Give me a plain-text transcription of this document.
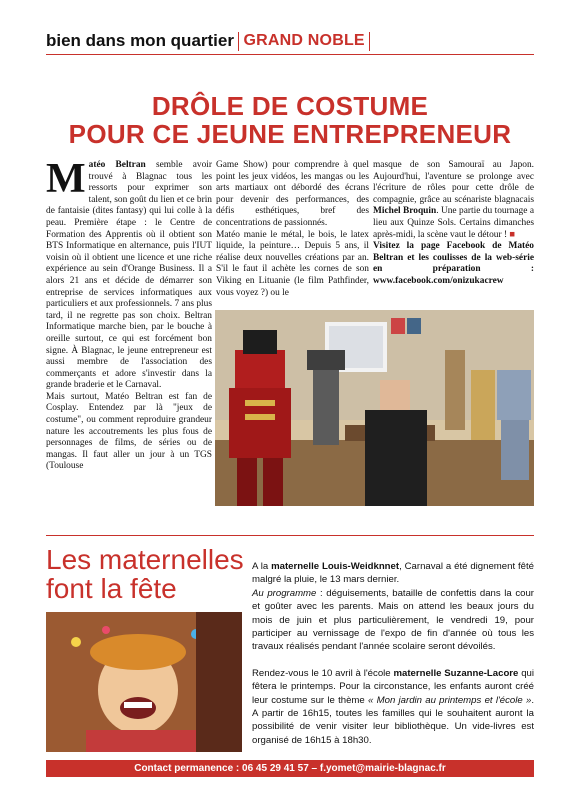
bien dans mon quartier GRAND NOBLE
DRÔLE DE COSTUME
POUR CE JEUNE ENTREPRENEUR

Matéo Beltran semble avoir trouvé à Blagnac tous les ressorts pour exprimer son talent, son goût du lien et ce brin de fantaisie (dites fantasy) qui lui colle à la peau. Première étape : le Centre de Formation des Apprentis où il obtient son BTS Informatique en alternance, puis l'IUT voisin où il obtient une licence et une riche expérience au sein d'Orange Business. Il a alors 21 ans et décide de démarrer son entreprise de services informatiques aux particuliers et aux professionnels. 7 ans plus tard, il ne regrette pas son choix. Beltran Informatique marche bien, par le bouche à oreille surtout, ce qui est forcément bon signe. À Blagnac, le jeune entrepreneur est aussi membre de l'association des commerçants et adore s'investir dans la grande braderie et le Carnaval.

Mais surtout, Matéo Beltran est fan de Cosplay. Entendez par là "jeux de costume", ou comment reproduire grandeur nature les accoutrements les plus fous de personnages de films, de séries ou de mangas. Il faut aller un jour à un TGS (Toulouse

Game Show) pour comprendre à quel point les jeux vidéos, les mangas ou les arts martiaux ont débordé des écrans pour devenir des performances, des défis esthétiques, bref des concentrations de passionnés.

Matéo manie le métal, le bois, le latex liquide, la peinture… Depuis 5 ans, il réalise deux nouvelles créations par an. S'il le faut il achète les cornes de son Viking en Lituanie (le film Pathfinder, vous voyez ?) ou le

masque de son Samouraï au Japon. Aujourd'hui, l'aventure se prolonge avec l'écriture de rôles pour cette drôle de compagnie, grâce au scénariste blagnacais Michel Broquin. Une partie du tournage a lieu aux Quinze Sols. Certains dimanches après-midi, la scène vaut le détour ! ■

Visitez la page Facebook de Matéo Beltran et les coulisses de la web-série en préparation : www.facebook.com/onizukacrew

Les maternelles
font la fête

A la maternelle Louis-Weidknnet, Carnaval a été dignement fêté malgré la pluie, le 13 mars dernier.

Au programme : déguisements, bataille de confettis dans la cour et goûter avec les parents. Mais on attend les beaux jours du mois de juin et plus particulièrement, le vendredi 19, pour participer au vernissage de l'expo de fin d'année où tous les travaux réalisés pendant l'année scolaire seront dévoilés.

Rendez-vous le 10 avril à l'école maternelle Suzanne-Lacore qui fêtera le printemps. Pour la circonstance, les enfants auront créé leur costume sur le thème « Mon jardin au printemps et l'école ». A partir de 16h15, toutes les familles qui le souhaitent auront la possibilité de venir visiter leur bibliothèque. Un vide-livres est organisé de 16h15 à 18h30.

Contact permanence : 06 45 29 41 57 – f.yomet@mairie-blagnac.fr
